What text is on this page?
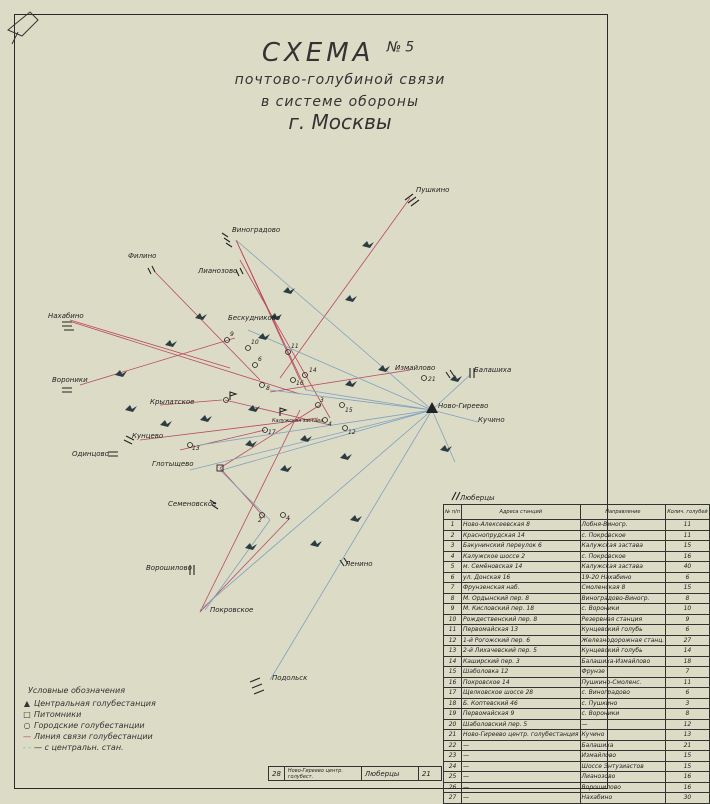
СХЕМА $^{№5}$
почтово-голубиной связи
в системе обороны
г. Москвы
9
10
6
8
11
16
14
3
4
12
15
17
2	4
13
21
Пушкино
Виноградово
Филино
Лианозово
Бескудниково
Нахабино
Измайлово	Балашиха
Кучино
Ново-Гиреево
Вороники
Крылатское
Кунцево
Одинцово
Глотыщево
Семеновское
Люберцы
Ворошилово	Ленино
Покровское
Подольск
Калужская застава
Условные обозначения
▲ Центральная голубестанция
□ Питомники
○ Городские голубестанции
— Линия связи голубестанции
- - — с центральн. стан.
№ п/п	Адреса станций	Направление	Колич. голубей
1	Ново-Алексеевская 8	Лобня-Виногр.	11
2	Краснопрудская 14	с. Покровское	11
3	Бакунинский переулок 6	Калужская застава	15
4	Калужское шоссе 2	с. Покровское	16
5	м. Семёновская 14	Калужская застава	40
6	ул. Донская 16	19-20 Нахабино	6
7	Фрунзенская наб.	Смоленская 8	15
8	М. Ордынский пер. 8	Виноградово-Виногр.	8
9	М. Кисловский пер. 18	с. Вороники	10
10	Рождественский пер. 8	Резервная станция	9
11	Первомайская 13	Кунцевский голубь	6
12	1-й Рогожский пер. 6	Железнодорожная станц.	27
13	2-й Лихачевский пер. 5	Кунцевский голубь	14
14	Каширский пер. 3	Балашиха-Измайлово	18
15	Шаболовка 12	Фрунзе	7
16	Покровское 14	Пушкино-Смоленс.	11
17	Щелковское шоссе 28	с. Виноградово	6
18	Б. Коптевский 46	с. Пушкино	3
19	Первомайская 9	с. Вороники	8
20	Шаболовский пер. 5	—	12
21	Ново-Гиреево центр. голубестанция	Кучино	13
22	—	Балашиха	21
23	—	Измайлово	15
24	—	Шоссе Энтузиастов	15
25	—	Лианозово	16
26	—	Ворошилово	16
27	—	Нахабино	30
28	Ново-Гиреево центр. голубест.	Люберцы	21
